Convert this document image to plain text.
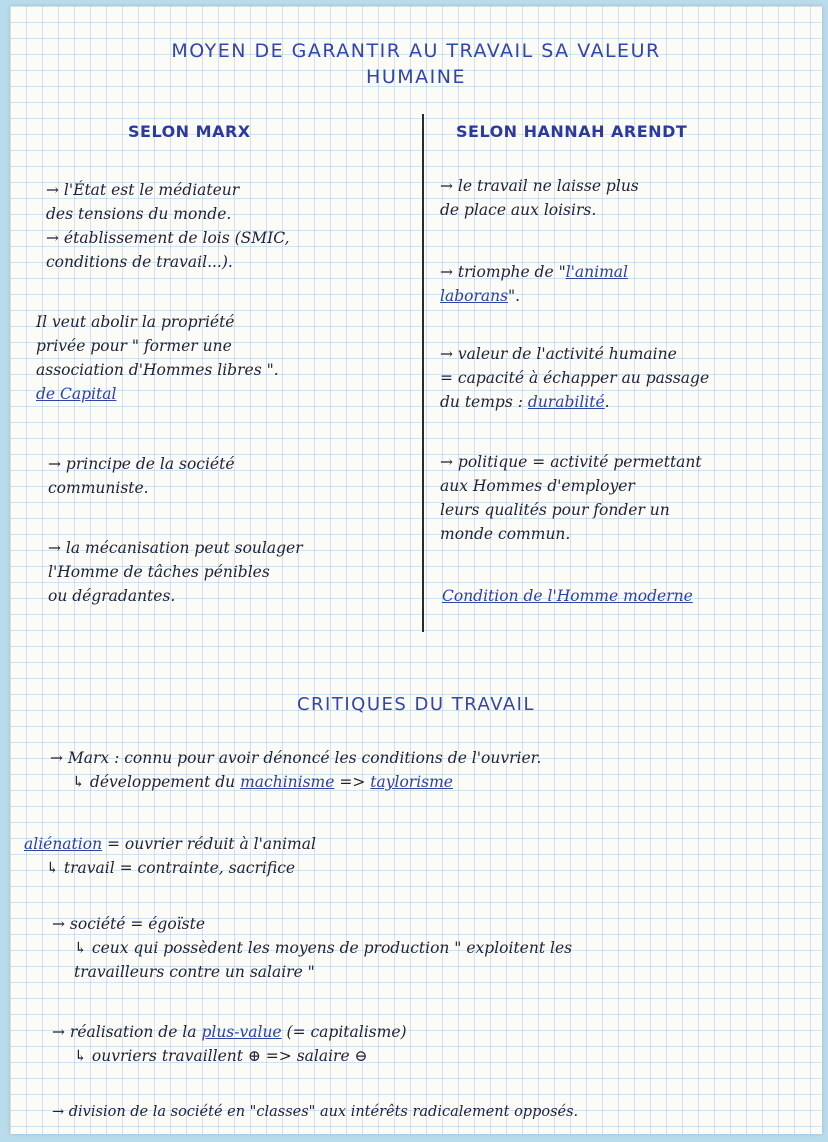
MOYEN DE GARANTIR AU TRAVAIL SA VALEUR
HUMAINE
SELON MARX	SELON HANNAH ARENDT
→ l'État est le médiateur
des tensions du monde.
→ établissement de lois (SMIC,
conditions de travail...).
Il veut abolir la propriété
privée pour " former une
association d'Hommes libres ".
de Capital
→ principe de la société
communiste.
→ la mécanisation peut soulager
l'Homme de tâches pénibles
ou dégradantes.
→ le travail ne laisse plus
de place aux loisirs.
→ triomphe de "l'animal
laborans".
→ valeur de l'activité humaine
= capacité à échapper au passage
du temps : durabilité.
→ politique = activité permettant
aux Hommes d'employer
leurs qualités pour fonder un
monde commun.
Condition de l'Homme moderne
CRITIQUES DU TRAVAIL
→ Marx : connu pour avoir dénoncé les conditions de l'ouvrier.
↳ développement du machinisme => taylorisme
aliénation = ouvrier réduit à l'animal
↳ travail = contrainte, sacrifice
→ société = égoïste
↳ ceux qui possèdent les moyens de production " exploitent les
travailleurs contre un salaire "
→ réalisation de la plus-value (= capitalisme)
↳ ouvriers travaillent ⊕ => salaire ⊖
→ division de la société en "classes" aux intérêts radicalement opposés.
